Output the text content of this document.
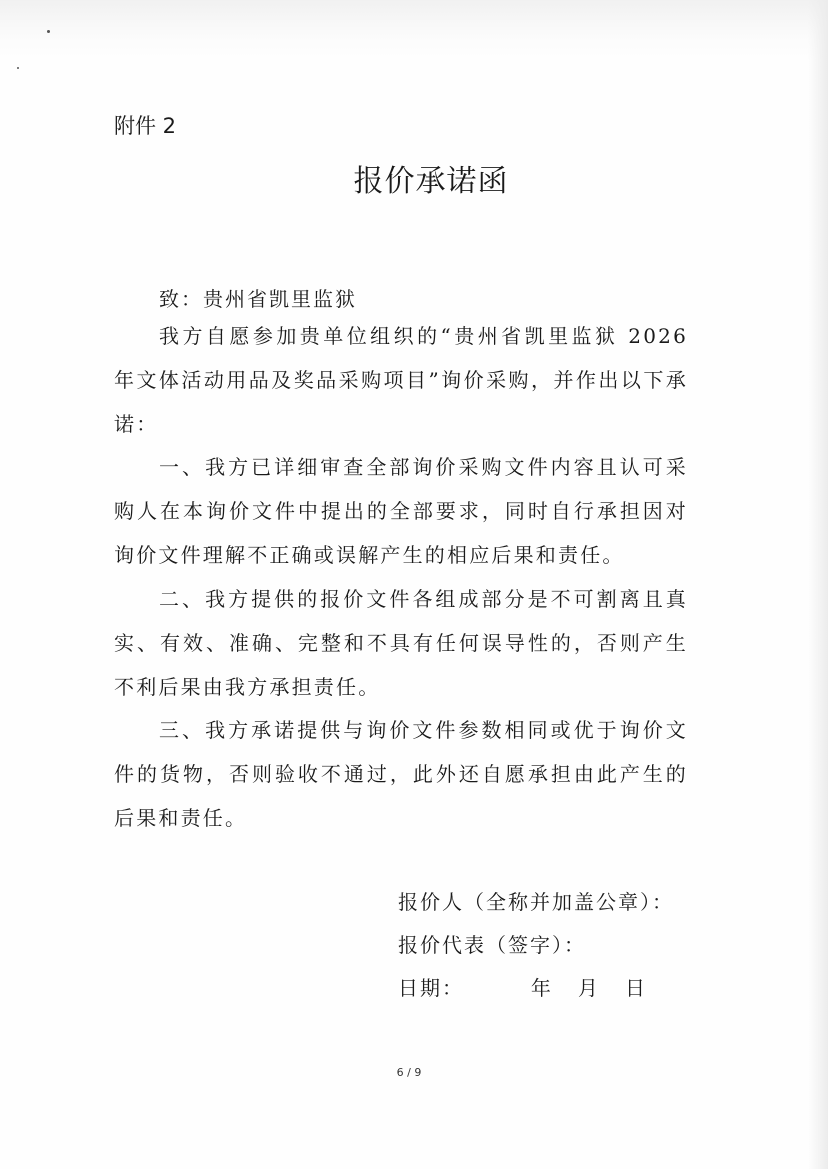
附件 2
报价承诺函
致：贵州省凯里监狱
我方自愿参加贵单位组织的“贵州省凯里监狱 2026 年文体活动用品及奖品采购项目”询价采购，并作出以下承诺：
一、我方已详细审查全部询价采购文件内容且认可采购人在本询价文件中提出的全部要求，同时自行承担因对询价文件理解不正确或误解产生的相应后果和责任。
二、我方提供的报价文件各组成部分是不可割离且真实、有效、准确、完整和不具有任何误导性的，否则产生不利后果由我方承担责任。
三、我方承诺提供与询价文件参数相同或优于询价文件的货物，否则验收不通过，此外还自愿承担由此产生的后果和责任。
报价人（全称并加盖公章）：
报价代表（签字）：
日期：        年   月   日
6 / 9
